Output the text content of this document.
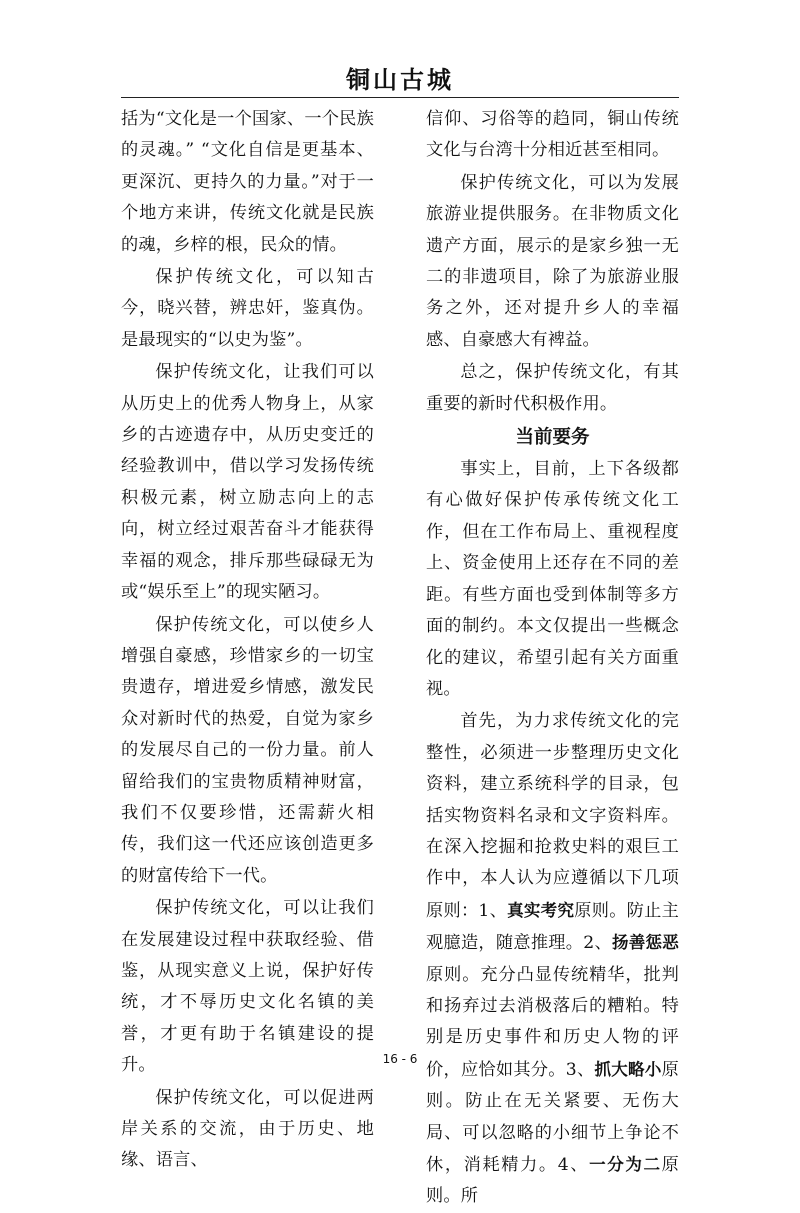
铜山古城

括为“文化是一个国家、一个民族的灵魂。” “文化自信是更基本、更深沉、更持久的力量。”对于一个地方来讲，传统文化就是民族的魂，乡梓的根，民众的情。

保护传统文化，可以知古今，晓兴替，辨忠奸，鉴真伪。是最现实的“以史为鉴”。

保护传统文化，让我们可以从历史上的优秀人物身上，从家乡的古迹遗存中，从历史变迁的经验教训中，借以学习发扬传统积极元素，树立励志向上的志向，树立经过艰苦奋斗才能获得幸福的观念，排斥那些碌碌无为或“娱乐至上”的现实陋习。

保护传统文化，可以使乡人增强自豪感，珍惜家乡的一切宝贵遗存，增进爱乡情感，激发民众对新时代的热爱，自觉为家乡的发展尽自己的一份力量。前人留给我们的宝贵物质精神财富，我们不仅要珍惜，还需薪火相传，我们这一代还应该创造更多的财富传给下一代。

保护传统文化，可以让我们在发展建设过程中获取经验、借鉴，从现实意义上说，保护好传统，才不辱历史文化名镇的美誉，才更有助于名镇建设的提升。

保护传统文化，可以促进两岸关系的交流，由于历史、地缘、语言、

信仰、习俗等的趋同，铜山传统文化与台湾十分相近甚至相同。

保护传统文化，可以为发展旅游业提供服务。在非物质文化遗产方面，展示的是家乡独一无二的非遗项目，除了为旅游业服务之外，还对提升乡人的幸福感、自豪感大有裨益。

总之，保护传统文化，有其重要的新时代积极作用。

当前要务

事实上，目前，上下各级都有心做好保护传承传统文化工作，但在工作布局上、重视程度上、资金使用上还存在不同的差距。有些方面也受到体制等多方面的制约。本文仅提出一些概念化的建议，希望引起有关方面重视。

首先，为力求传统文化的完整性，必须进一步整理历史文化资料，建立系统科学的目录，包括实物资料名录和文字资料库。在深入挖掘和抢救史料的艰巨工作中，本人认为应遵循以下几项原则：1、真实考究原则。防止主观臆造，随意推理。2、扬善惩恶原则。充分凸显传统精华，批判和扬弃过去消极落后的糟粕。特别是历史事件和历史人物的评价，应恰如其分。3、抓大略小原则。防止在无关紧要、无伤大局、可以忽略的小细节上争论不休，消耗精力。4、一分为二原则。所

16 - 6
